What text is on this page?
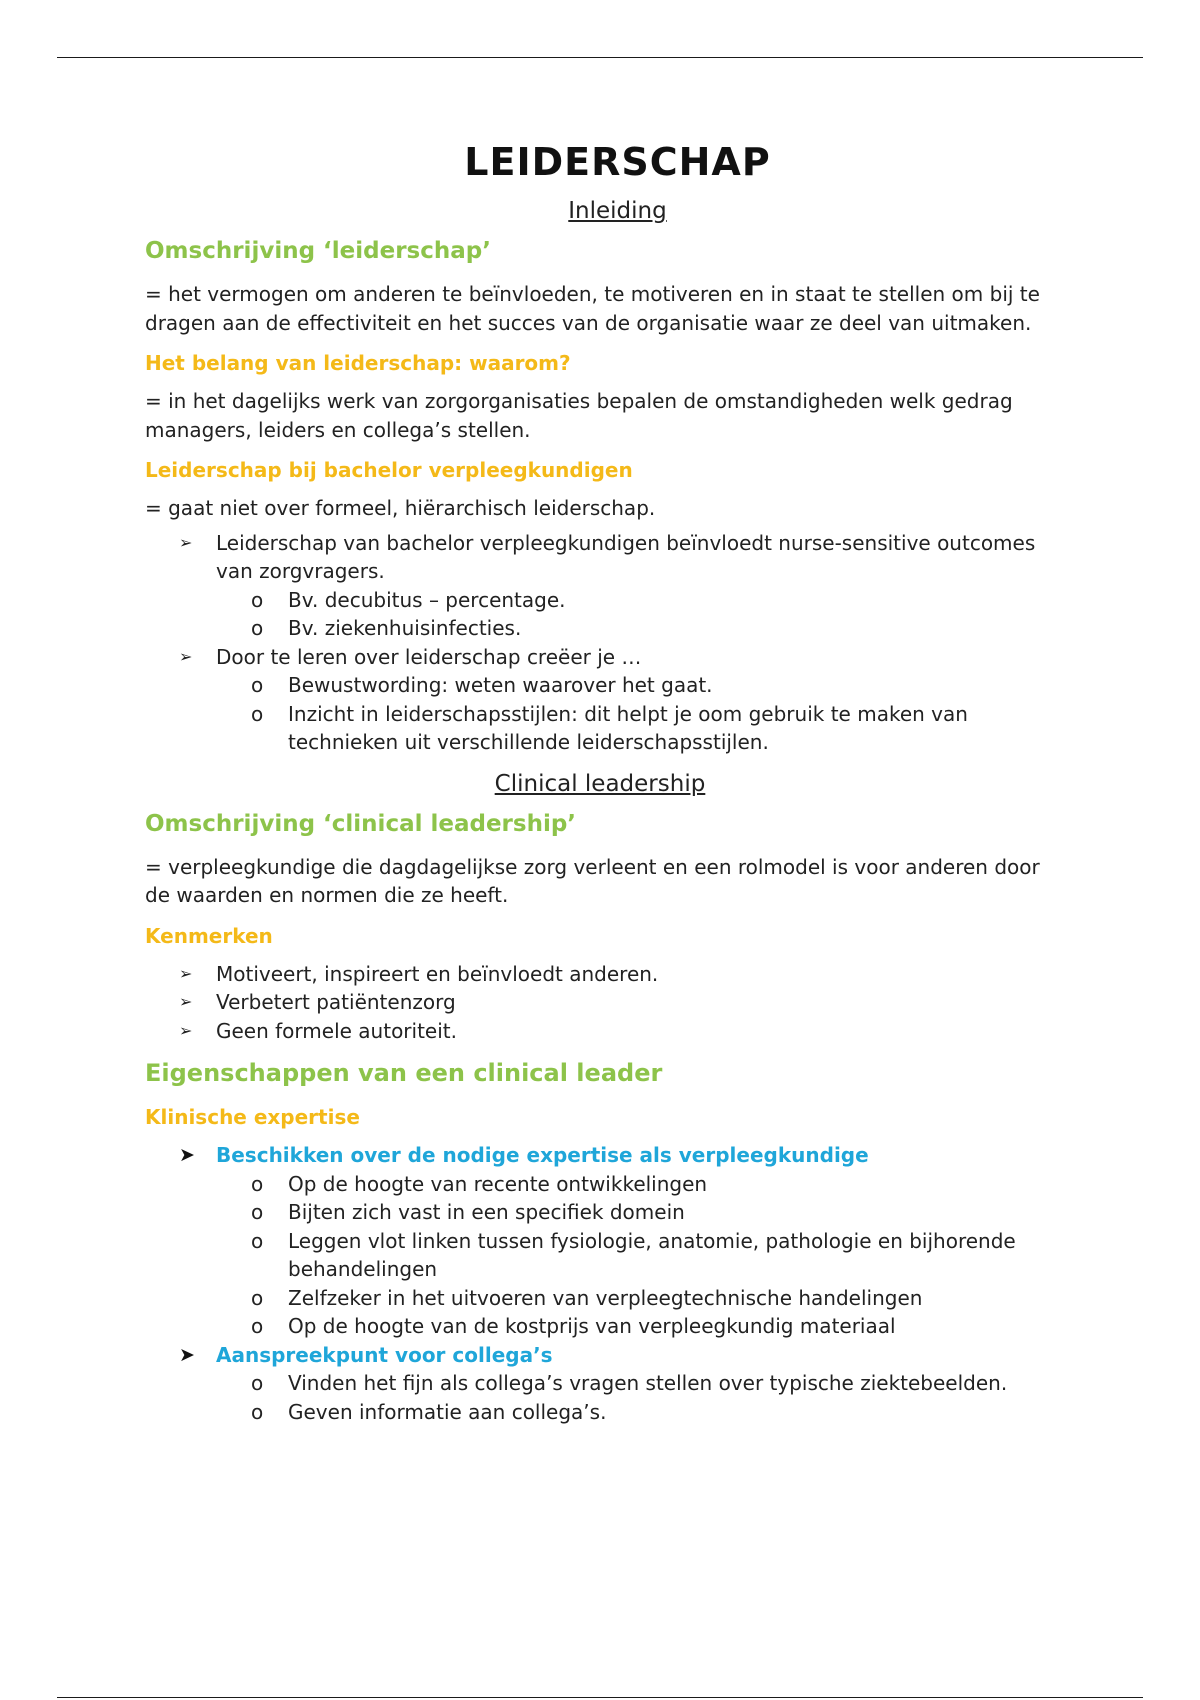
LEIDERSCHAP
Inleiding
Omschrijving ‘leiderschap’
= het vermogen om anderen te beïnvloeden, te motiveren en in staat te stellen om bij te dragen aan de effectiviteit en het succes van de organisatie waar ze deel van uitmaken.
Het belang van leiderschap: waarom?
= in het dagelijks werk van zorgorganisaties bepalen de omstandigheden welk gedrag managers, leiders en collega’s stellen.
Leiderschap bij bachelor verpleegkundigen
= gaat niet over formeel, hiërarchisch leiderschap.
➢ Leiderschap van bachelor verpleegkundigen beïnvloedt nurse-sensitive outcomes van zorgvragers.
o Bv. decubitus – percentage.
o Bv. ziekenhuisinfecties.
➢ Door te leren over leiderschap creëer je …
o Bewustwording: weten waarover het gaat.
o Inzicht in leiderschapsstijlen: dit helpt je oom gebruik te maken van technieken uit verschillende leiderschapsstijlen.
Clinical leadership
Omschrijving ‘clinical leadership’
= verpleegkundige die dagdagelijkse zorg verleent en een rolmodel is voor anderen door de waarden en normen die ze heeft.
Kenmerken
➢ Motiveert, inspireert en beïnvloedt anderen.
➢ Verbetert patiëntenzorg
➢ Geen formele autoriteit.
Eigenschappen van een clinical leader
Klinische expertise
➤ Beschikken over de nodige expertise als verpleegkundige
o Op de hoogte van recente ontwikkelingen
o Bijten zich vast in een specifiek domein
o Leggen vlot linken tussen fysiologie, anatomie, pathologie en bijhorende behandelingen
o Zelfzeker in het uitvoeren van verpleegtechnische handelingen
o Op de hoogte van de kostprijs van verpleegkundig materiaal
➤ Aanspreekpunt voor collega’s
o Vinden het fijn als collega’s vragen stellen over typische ziektebeelden.
o Geven informatie aan collega’s.
